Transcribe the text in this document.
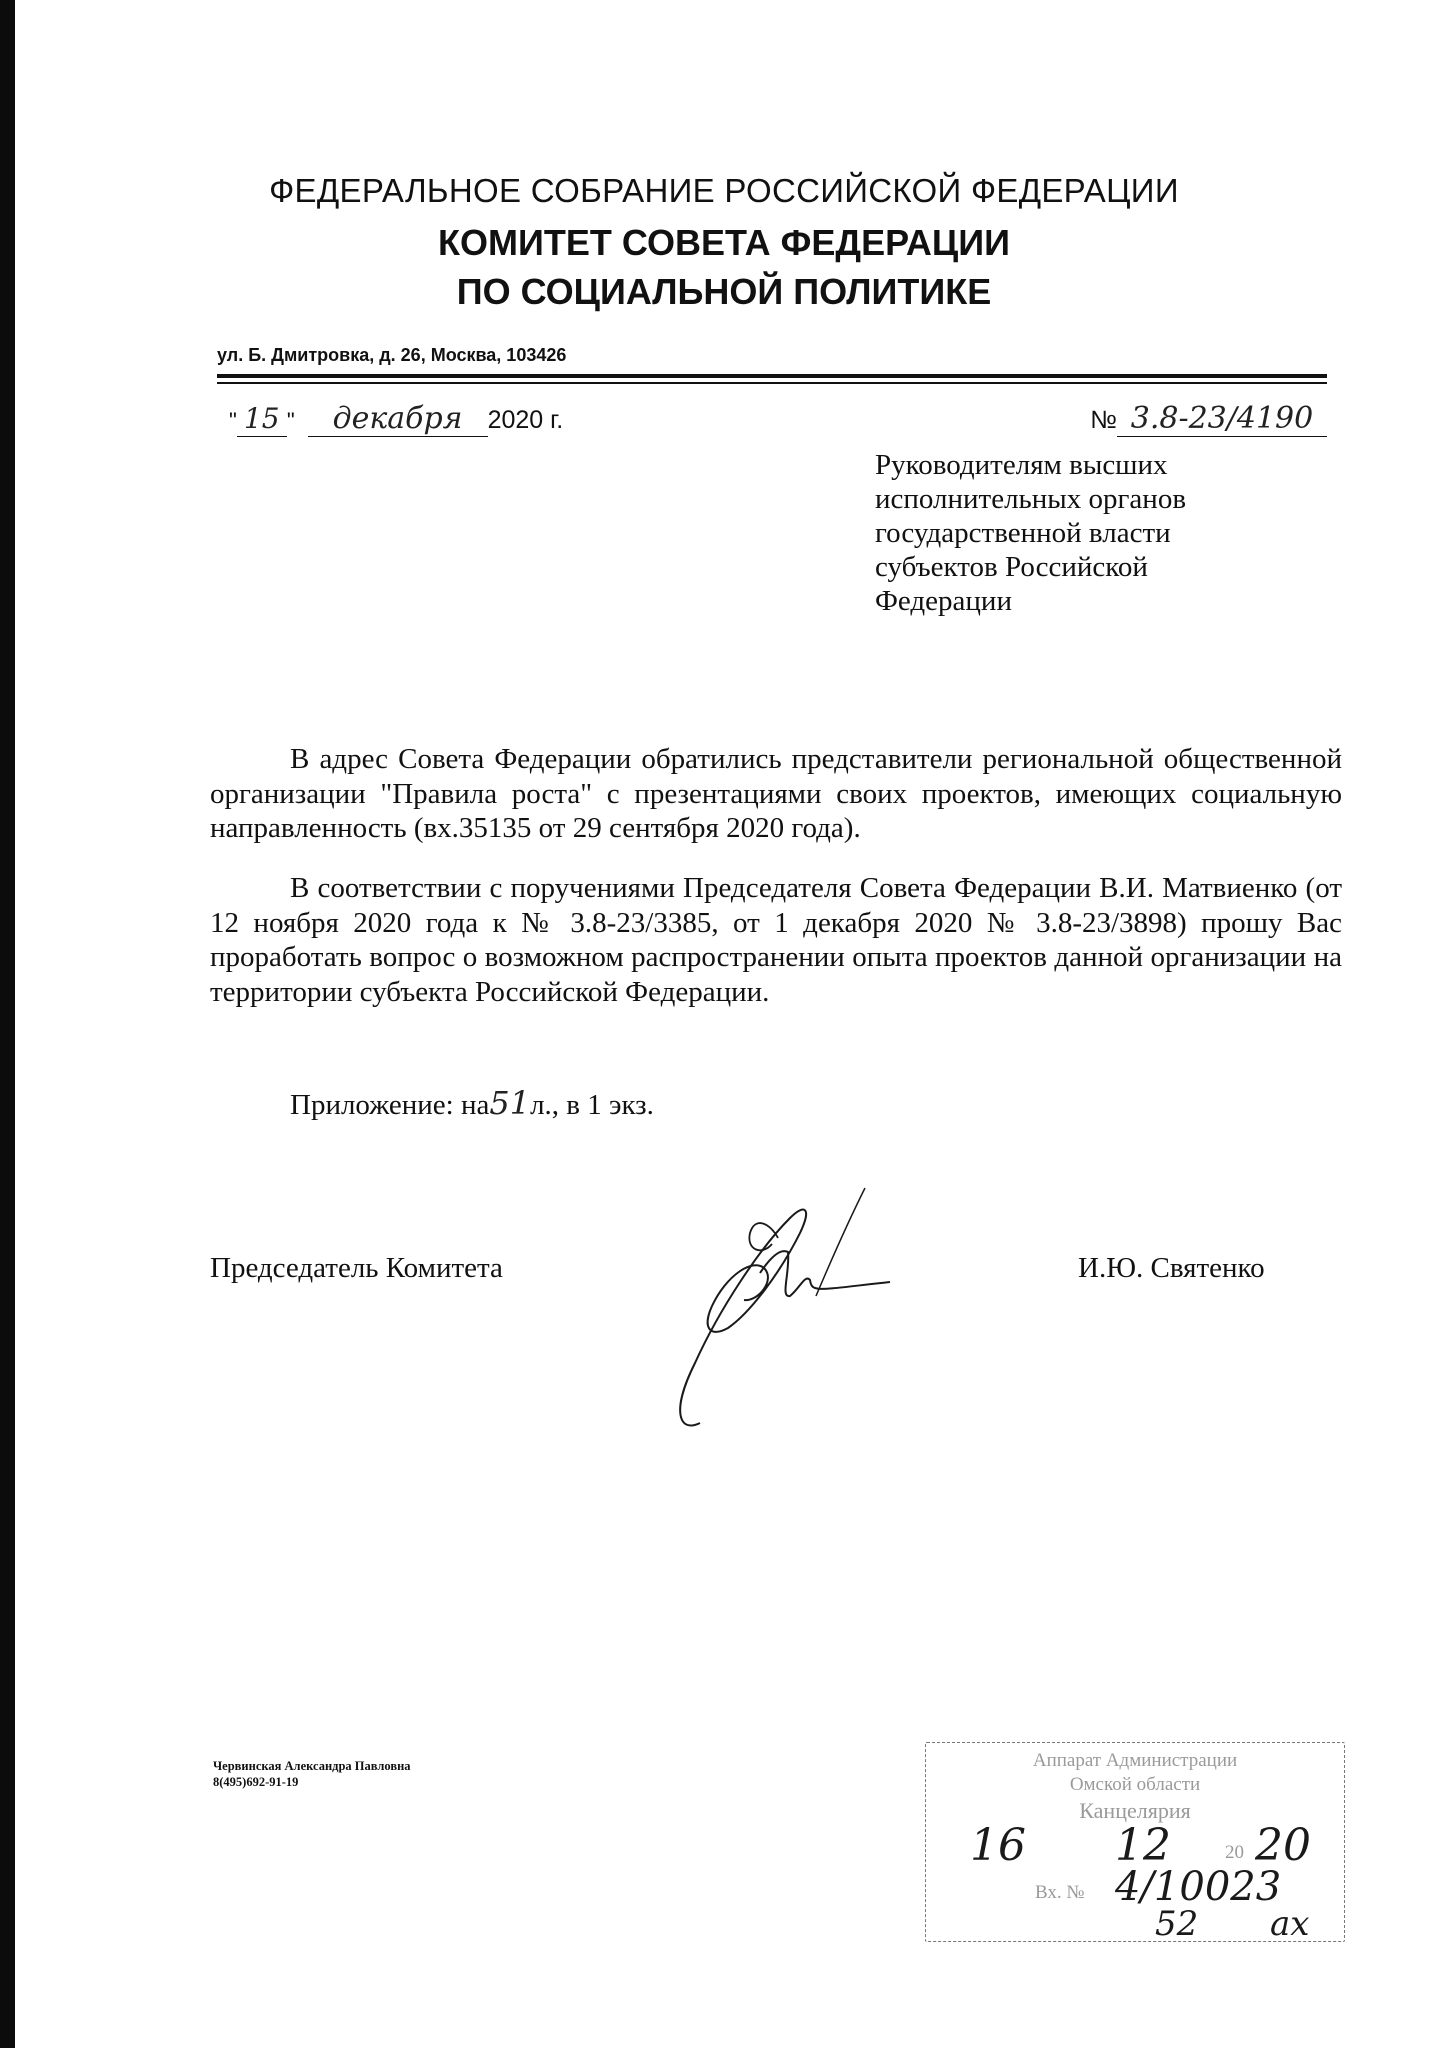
ФЕДЕРАЛЬНОЕ СОБРАНИЕ РОССИЙСКОЙ ФЕДЕРАЦИИ
КОМИТЕТ СОВЕТА ФЕДЕРАЦИИ
ПО СОЦИАЛЬНОЙ ПОЛИТИКЕ
ул. Б. Дмитровка, д. 26, Москва, 103426
" 15 " декабря 2020 г.	№ 3.8-23/4190
Руководителям высших
исполнительных органов
государственной власти
субъектов Российской
Федерации
В адрес Совета Федерации обратились представители региональной общественной организации "Правила роста" с презентациями своих проектов, имеющих социальную направленность (вх.35135 от 29 сентября 2020 года).
В соответствии с поручениями Председателя Совета Федерации В.И. Матвиенко (от 12 ноября 2020 года к № 3.8-23/3385, от 1 декабря 2020 № 3.8-23/3898) прошу Вас проработать вопрос о возможном распространении опыта проектов данной организации на территории субъекта Российской Федерации.
Приложение: на51л., в 1 экз.
Председатель Комитета	И.Ю. Святенко
Червинская Александра Павловна
8(495)692-91-19
Аппарат Администрации
Омской области
Канцелярия
16 12	20 20
Вх. № 4/10023
52 ах
